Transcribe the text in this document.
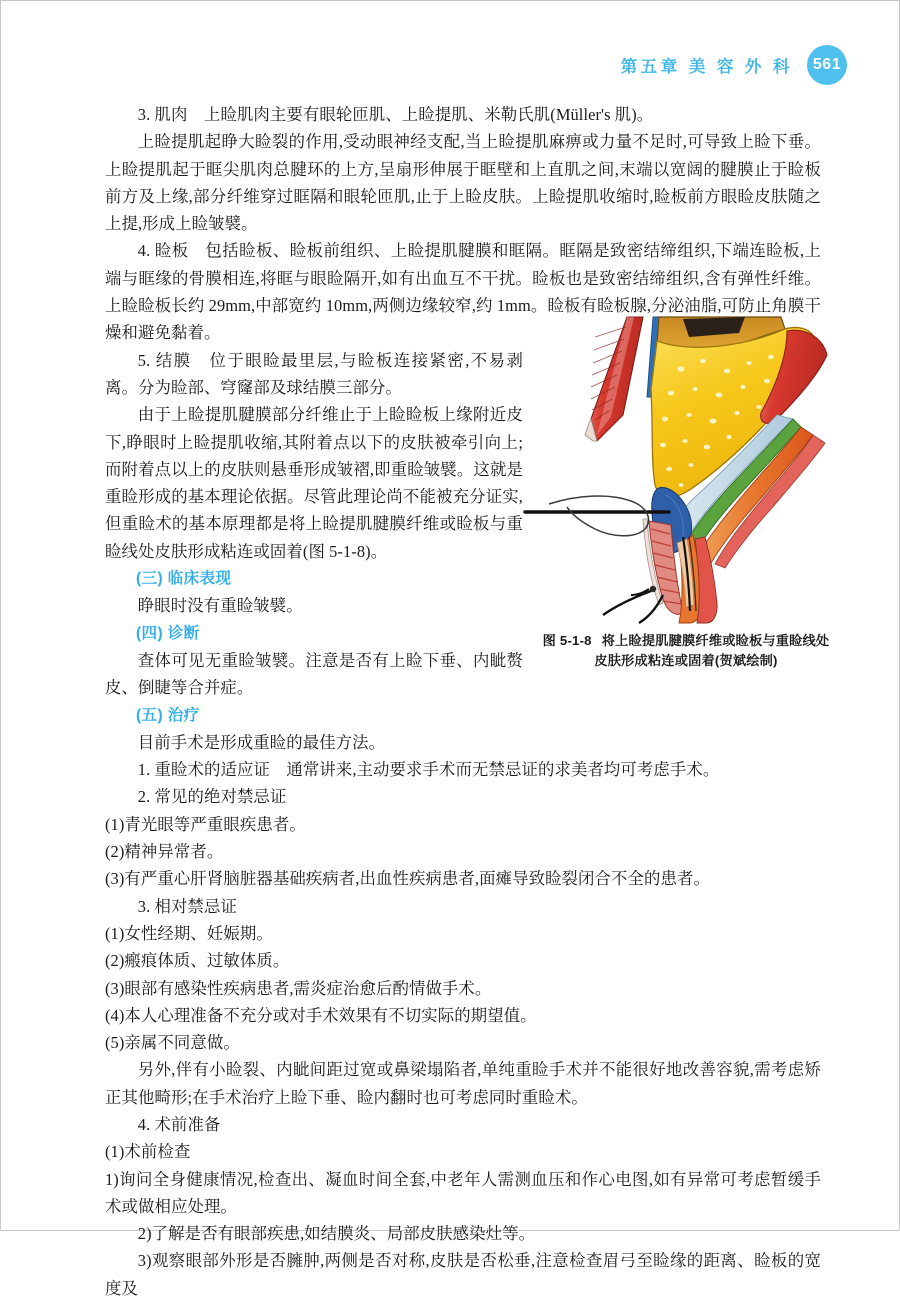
第五章 美 容 外 科	561
图 5-1-8 将上睑提肌腱膜纤维或睑板与重睑线处
皮肤形成粘连或固着(贺斌绘制)

3. 肌肉　上睑肌肉主要有眼轮匝肌、上睑提肌、米勒氏肌(Müller's 肌)。

上睑提肌起睁大睑裂的作用,受动眼神经支配,当上睑提肌麻痹或力量不足时,可导致上睑下垂。上睑提肌起于眶尖肌肉总腱环的上方,呈扇形伸展于眶壁和上直肌之间,末端以宽阔的腱膜止于睑板前方及上缘,部分纤维穿过眶隔和眼轮匝肌,止于上睑皮肤。上睑提肌收缩时,睑板前方眼睑皮肤随之上提,形成上睑皱襞。

4. 睑板　包括睑板、睑板前组织、上睑提肌腱膜和眶隔。眶隔是致密结缔组织,下端连睑板,上端与眶缘的骨膜相连,将眶与眼睑隔开,如有出血互不干扰。睑板也是致密结缔组织,含有弹性纤维。上睑睑板长约 29mm,中部宽约 10mm,两侧边缘较窄,约 1mm。睑板有睑板腺,分泌油脂,可防止角膜干燥和避免黏着。

5. 结膜　位于眼睑最里层,与睑板连接紧密,不易剥离。分为睑部、穹窿部及球结膜三部分。

由于上睑提肌腱膜部分纤维止于上睑睑板上缘附近皮下,睁眼时上睑提肌收缩,其附着点以下的皮肤被牵引向上;而附着点以上的皮肤则悬垂形成皱褶,即重睑皱襞。这就是重睑形成的基本理论依据。尽管此理论尚不能被充分证实,但重睑术的基本原理都是将上睑提肌腱膜纤维或睑板与重睑线处皮肤形成粘连或固着(图 5-1-8)。

(三) 临床表现

睁眼时没有重睑皱襞。

(四) 诊断

查体可见无重睑皱襞。注意是否有上睑下垂、内眦赘皮、倒睫等合并症。

(五) 治疗

目前手术是形成重睑的最佳方法。

1. 重睑术的适应证　通常讲来,主动要求手术而无禁忌证的求美者均可考虑手术。

2. 常见的绝对禁忌证

(1)青光眼等严重眼疾患者。

(2)精神异常者。

(3)有严重心肝肾脑脏器基础疾病者,出血性疾病患者,面瘫导致睑裂闭合不全的患者。

3. 相对禁忌证

(1)女性经期、妊娠期。

(2)瘢痕体质、过敏体质。

(3)眼部有感染性疾病患者,需炎症治愈后酌情做手术。

(4)本人心理准备不充分或对手术效果有不切实际的期望值。

(5)亲属不同意做。

另外,伴有小睑裂、内眦间距过宽或鼻梁塌陷者,单纯重睑手术并不能很好地改善容貌,需考虑矫正其他畸形;在手术治疗上睑下垂、睑内翻时也可考虑同时重睑术。

4. 术前准备

(1)术前检查

1)询问全身健康情况,检查出、凝血时间全套,中老年人需测血压和作心电图,如有异常可考虑暂缓手术或做相应处理。

2)了解是否有眼部疾患,如结膜炎、局部皮肤感染灶等。

3)观察眼部外形是否臃肿,两侧是否对称,皮肤是否松垂,注意检查眉弓至睑缘的距离、睑板的宽度及
